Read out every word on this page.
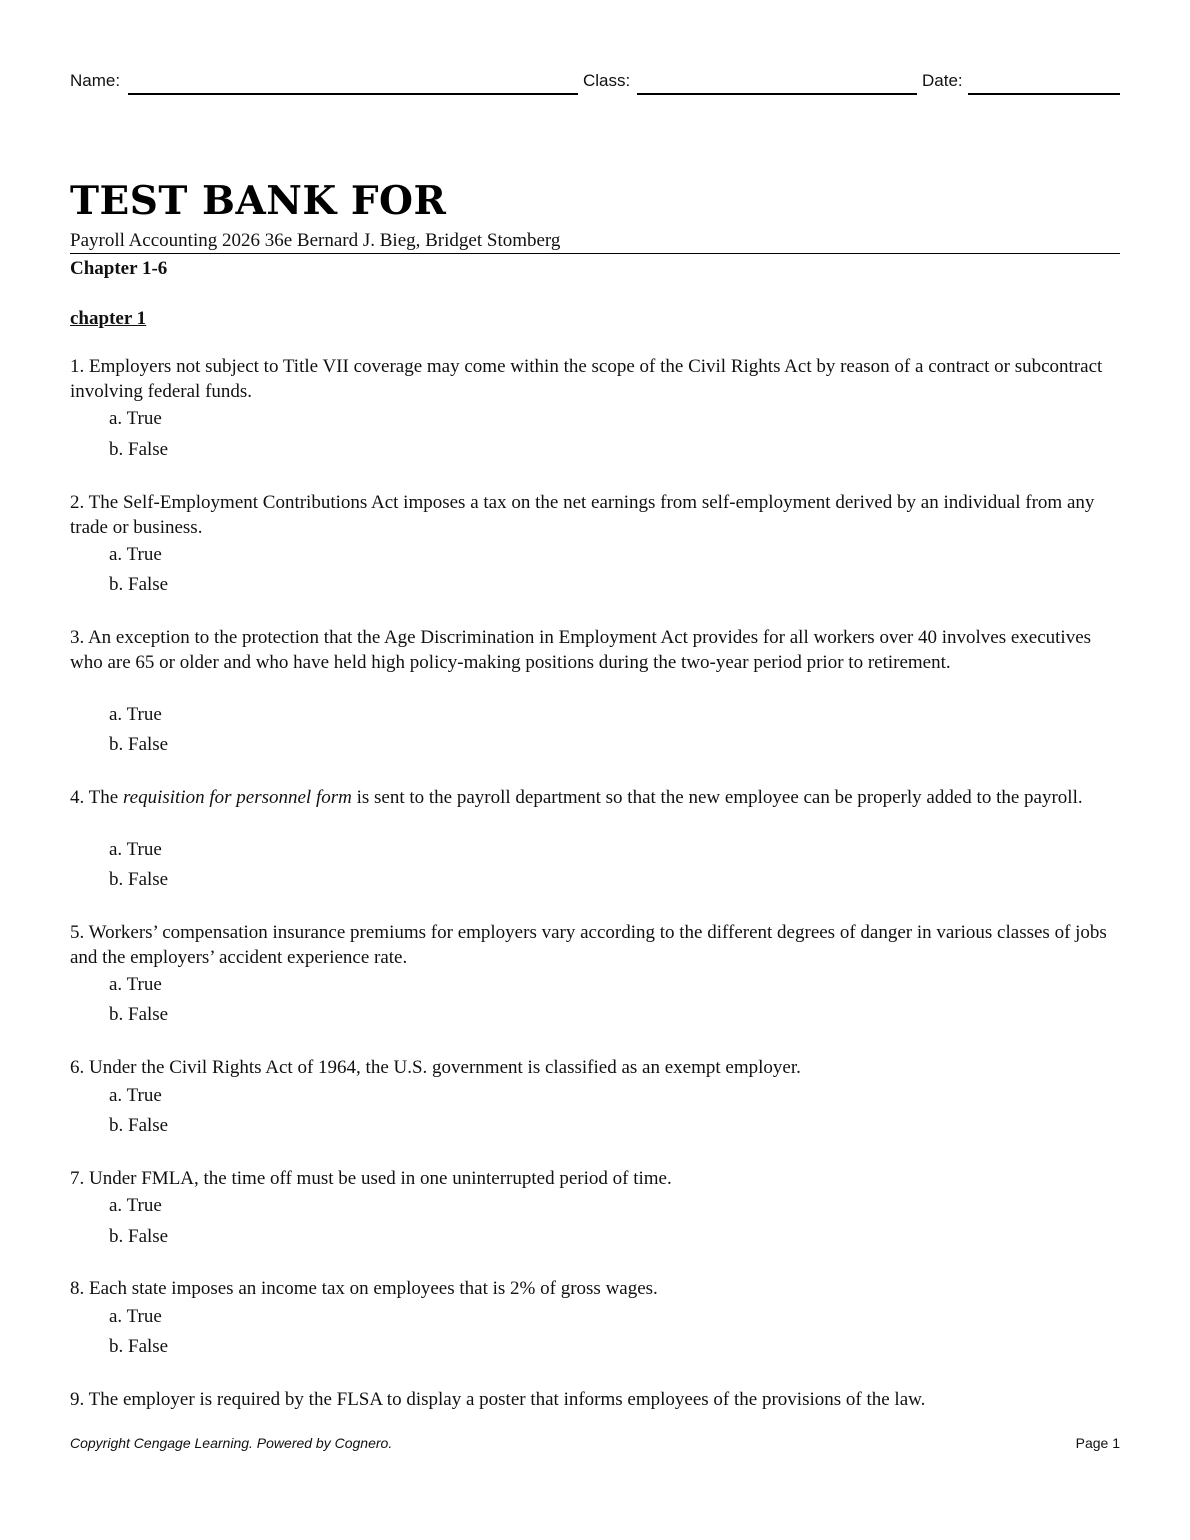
Name:	Class:	Date:
TEST BANK FOR
Payroll Accounting 2026 36e Bernard J. Bieg, Bridget Stomberg
Chapter 1-6
chapter 1
1. Employers not subject to Title VII coverage may come within the scope of the Civil Rights Act by reason of a contract or subcontract involving federal funds.
a. True
b. False
2. The Self-Employment Contributions Act imposes a tax on the net earnings from self-employment derived by an individual from any trade or business.
a. True
b. False
3. An exception to the protection that the Age Discrimination in Employment Act provides for all workers over 40 involves executives who are 65 or older and who have held high policy-making positions during the two-year period prior to retirement.
a. True
b. False
4. The requisition for personnel form is sent to the payroll department so that the new employee can be properly added to the payroll.
a. True
b. False
5. Workers’ compensation insurance premiums for employers vary according to the different degrees of danger in various classes of jobs and the employers’ accident experience rate.
a. True
b. False
6. Under the Civil Rights Act of 1964, the U.S. government is classified as an exempt employer.
a. True
b. False
7. Under FMLA, the time off must be used in one uninterrupted period of time.
a. True
b. False
8. Each state imposes an income tax on employees that is 2% of gross wages.
a. True
b. False
9. The employer is required by the FLSA to display a poster that informs employees of the provisions of the law.
Copyright Cengage Learning. Powered by Cognero.	Page 1
